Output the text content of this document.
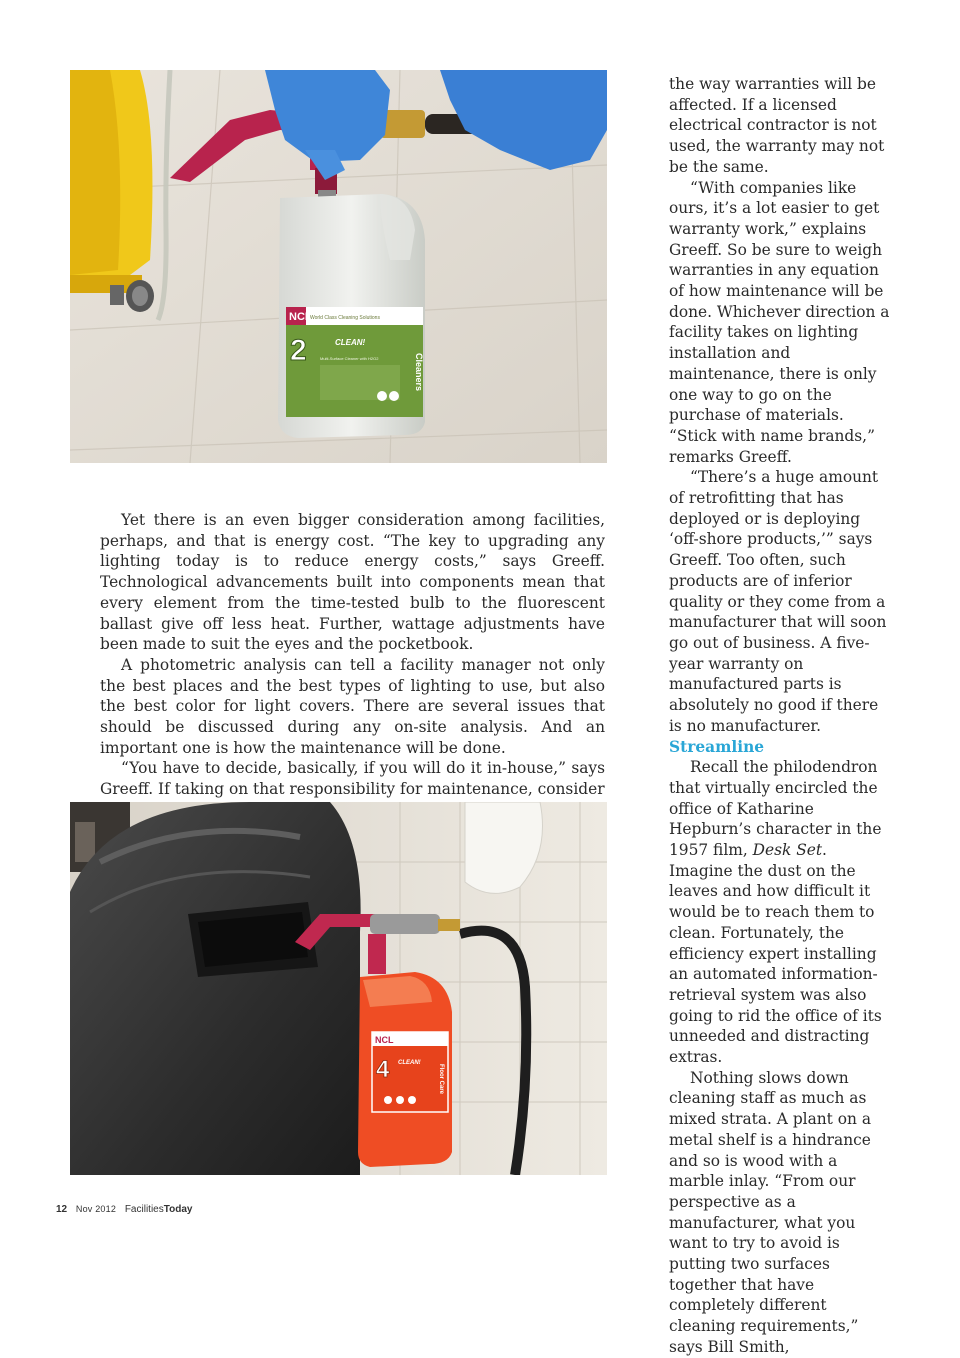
NCL
World Class Cleaning Solutions
2	CLEAN!
Multi-Surface Cleaner with H2O2	Cleaners

Yet there is an even bigger consideration among facilities, perhaps, and that is energy cost. “The key to upgrading any lighting today is to reduce energy costs,” says Greeff. Technological advancements built into components mean that every element from the time-tested bulb to the fluorescent ballast give off less heat. Further, wattage adjustments have been made to suit the eyes and the pocketbook.

A photometric analysis can tell a facility manager not only the best places and the best types of lighting to use, but also the best color for light covers. There are several issues that should be discussed during any on-site analysis. And an important one is how the maintenance will be done.

“You have to decide, basically, if you will do it in-house,” says Greeff. If taking on that responsibility for maintenance, consider

NCL
4 CLEAN!
Floor Care

the way warranties will be affected. If a licensed electrical contractor is not used, the warranty may not be the same.

“With companies like ours, it’s a lot easier to get warranty work,” explains Greeff. So be sure to weigh warranties in any equation of how maintenance will be done. Whichever direction a facility takes on lighting installation and maintenance, there is only one way to go on the purchase of materials. “Stick with name brands,” remarks Greeff.

“There’s a huge amount of retrofitting that has deployed or is deploying ‘off-shore products,’” says Greeff. Too often, such products are of inferior quality or they come from a manufacturer that will soon go out of business. A five-year warranty on manufactured parts is absolutely no good if there is no manufacturer.

Streamline

Recall the philodendron that virtually encircled the office of Katharine Hepburn’s character in the 1957 film, Desk Set. Imagine the dust on the leaves and how difficult it would be to reach them to clean. Fortunately, the efficiency expert installing an automated information-retrieval system was also going to rid the office of its unneeded and distracting extras.

Nothing slows down cleaning staff as much as mixed strata. A plant on a metal shelf is a hindrance and so is wood with a marble inlay. “From our perspective as a manufacturer, what you want to try to avoid is putting two surfaces together that have completely different cleaning requirements,” says Bill Smith,

12 Nov 2012 FacilitiesToday
